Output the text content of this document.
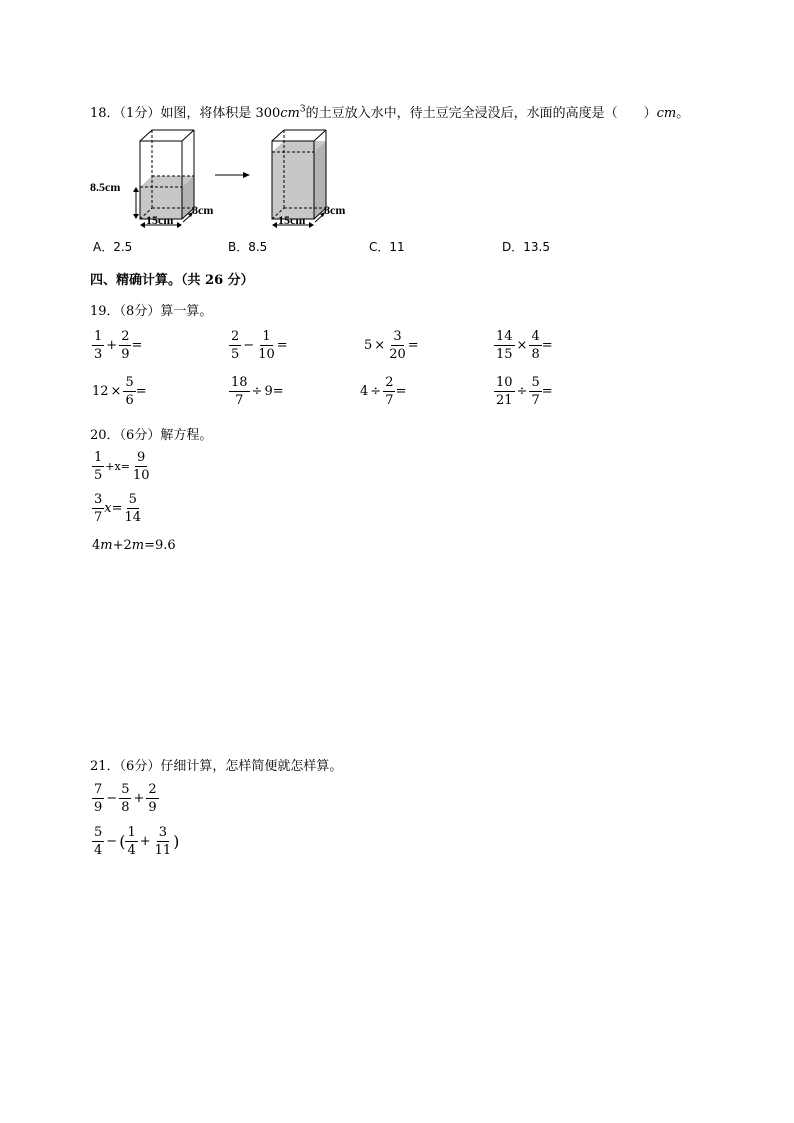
18．（1分）如图，将体积是 $300cm^3$的土豆放入水中，待土豆完全浸没后，水面的高度是（　　）cm。
8.5cm
15cm
8cm
15cm
8cm
A．2.5	B．8.5	C．11	D．13.5
四、精确计算。（共 26 分）
19．（8分）算一算。
$\frac{1}{3} + \frac{2}{9}$ =	$\frac{2}{5} - \frac{1}{10}$ =	$5 \times \frac{3}{20}$ =	$\frac{14}{15} \times \frac{4}{8}$ =
$12 \times \frac{5}{6}$ =	$\frac{18}{7} \div 9$ =	$4 \div \frac{2}{7}$ =	$\frac{10}{21} \div \frac{5}{7}$ =
20．（6分）解方程。
$\frac{1}{5} +x= \frac{9}{10}$
$\frac{3}{7}$ $x = \frac{5}{14}$
4m+2m=9.6
21．（6分）仔细计算，怎样简便就怎样算。
$\frac{7}{9} - \frac{5}{8} + \frac{2}{9}$
$\frac{5}{4}$ − ( $\frac{1}{4} + \frac{3}{11}$ )
